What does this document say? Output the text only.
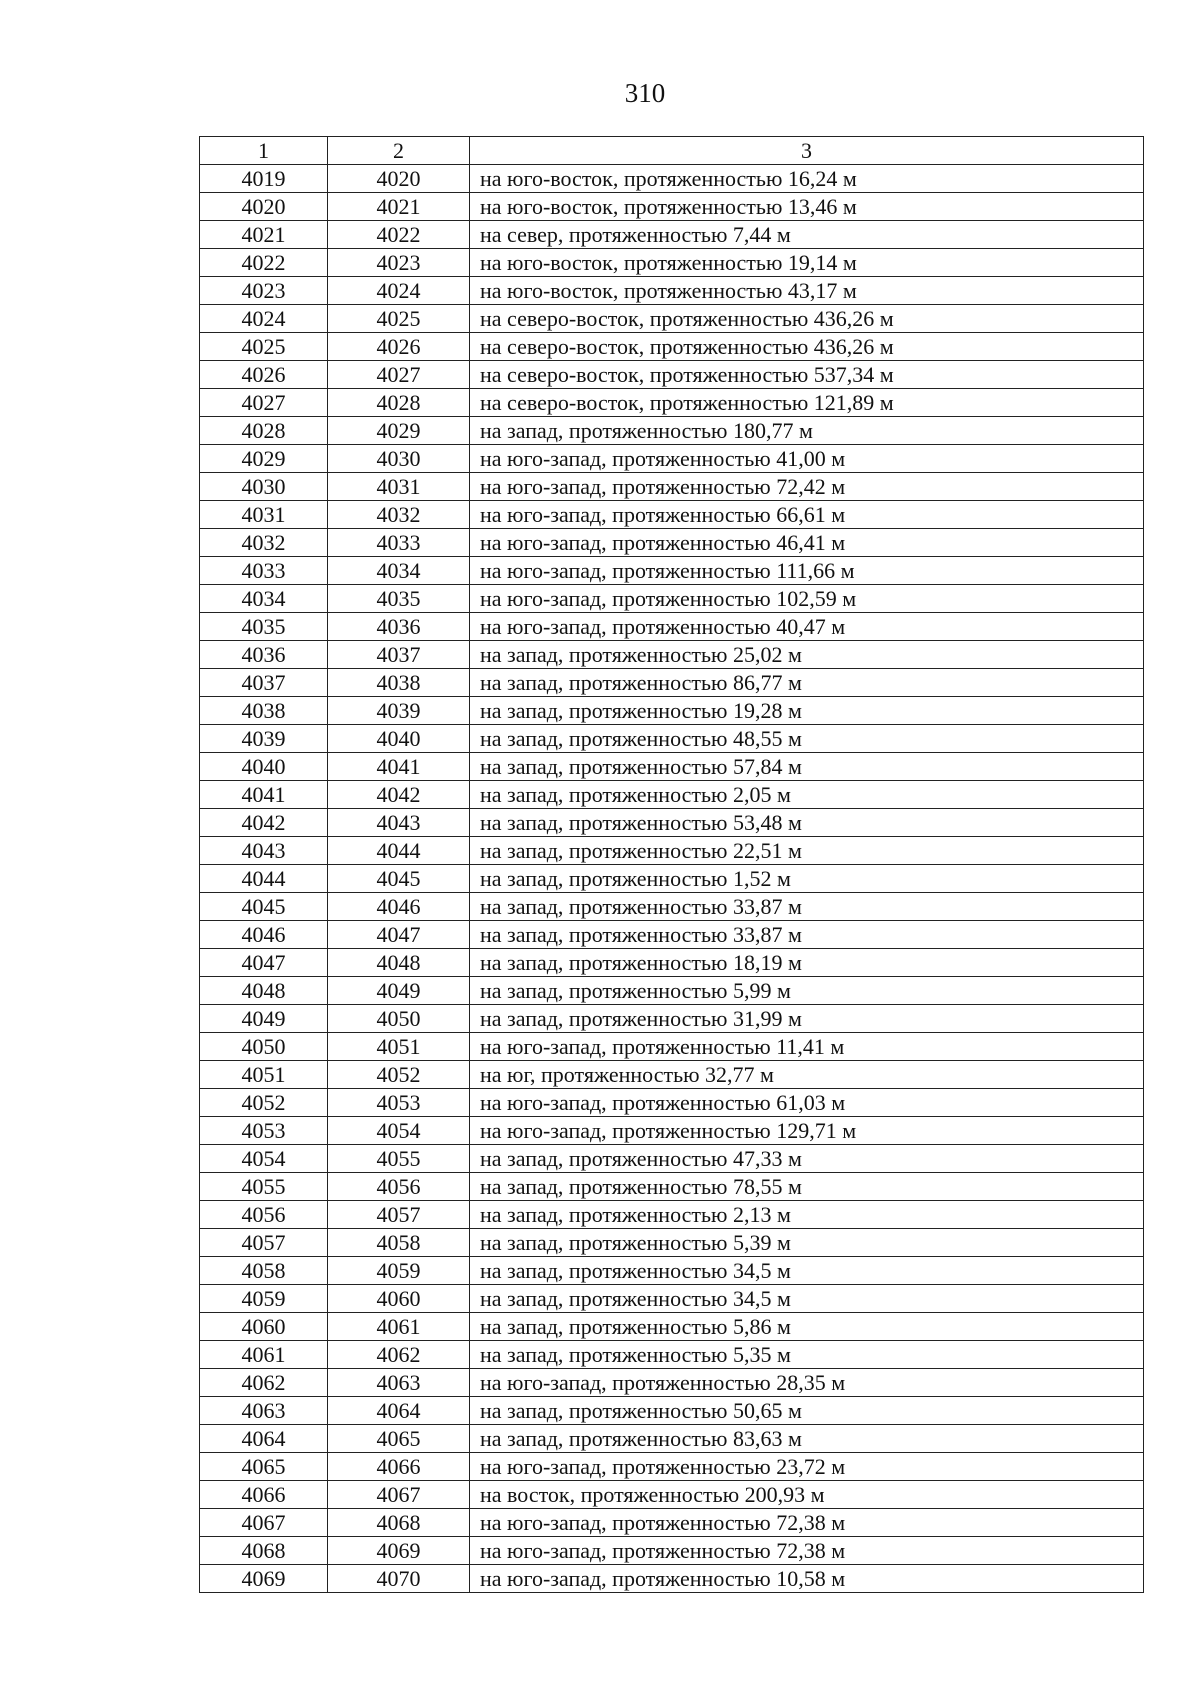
310
1	2	3
4019	4020	на юго-восток, протяженностью 16,24 м
4020	4021	на юго-восток, протяженностью 13,46 м
4021	4022	на север, протяженностью 7,44 м
4022	4023	на юго-восток, протяженностью 19,14 м
4023	4024	на юго-восток, протяженностью 43,17 м
4024	4025	на северо-восток, протяженностью 436,26 м
4025	4026	на северо-восток, протяженностью 436,26 м
4026	4027	на северо-восток, протяженностью 537,34 м
4027	4028	на северо-восток, протяженностью 121,89 м
4028	4029	на запад, протяженностью 180,77 м
4029	4030	на юго-запад, протяженностью 41,00 м
4030	4031	на юго-запад, протяженностью 72,42 м
4031	4032	на юго-запад, протяженностью 66,61 м
4032	4033	на юго-запад, протяженностью 46,41 м
4033	4034	на юго-запад, протяженностью 111,66 м
4034	4035	на юго-запад, протяженностью 102,59 м
4035	4036	на юго-запад, протяженностью 40,47 м
4036	4037	на запад, протяженностью 25,02 м
4037	4038	на запад, протяженностью 86,77 м
4038	4039	на запад, протяженностью 19,28 м
4039	4040	на запад, протяженностью 48,55 м
4040	4041	на запад, протяженностью 57,84 м
4041	4042	на запад, протяженностью 2,05 м
4042	4043	на запад, протяженностью 53,48 м
4043	4044	на запад, протяженностью 22,51 м
4044	4045	на запад, протяженностью 1,52 м
4045	4046	на запад, протяженностью 33,87 м
4046	4047	на запад, протяженностью 33,87 м
4047	4048	на запад, протяженностью 18,19 м
4048	4049	на запад, протяженностью 5,99 м
4049	4050	на запад, протяженностью 31,99 м
4050	4051	на юго-запад, протяженностью 11,41 м
4051	4052	на юг, протяженностью 32,77 м
4052	4053	на юго-запад, протяженностью 61,03 м
4053	4054	на юго-запад, протяженностью 129,71 м
4054	4055	на запад, протяженностью 47,33 м
4055	4056	на запад, протяженностью 78,55 м
4056	4057	на запад, протяженностью 2,13 м
4057	4058	на запад, протяженностью 5,39 м
4058	4059	на запад, протяженностью 34,5 м
4059	4060	на запад, протяженностью 34,5 м
4060	4061	на запад, протяженностью 5,86 м
4061	4062	на запад, протяженностью 5,35 м
4062	4063	на юго-запад, протяженностью 28,35 м
4063	4064	на запад, протяженностью 50,65 м
4064	4065	на запад, протяженностью 83,63 м
4065	4066	на юго-запад, протяженностью 23,72 м
4066	4067	на восток, протяженностью 200,93 м
4067	4068	на юго-запад, протяженностью 72,38 м
4068	4069	на юго-запад, протяженностью 72,38 м
4069	4070	на юго-запад, протяженностью 10,58 м
